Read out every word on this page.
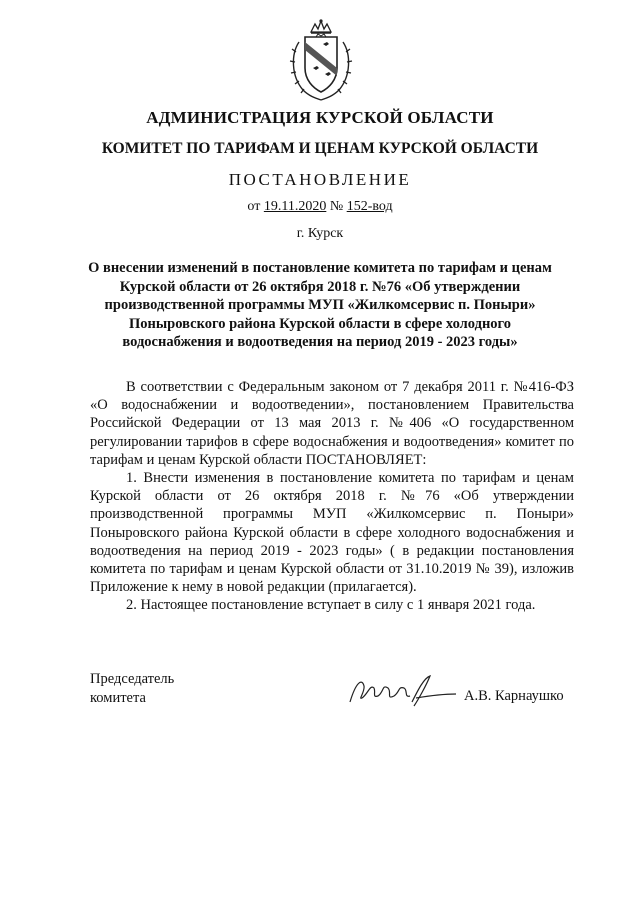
АДМИНИСТРАЦИЯ КУРСКОЙ ОБЛАСТИ
КОМИТЕТ ПО ТАРИФАМ И ЦЕНАМ КУРСКОЙ ОБЛАСТИ
ПОСТАНОВЛЕНИЕ
от 19.11.2020 № 152-вод
г. Курск
О внесении изменений в постановление комитета по тарифам и ценам Курской области от 26 октября 2018 г. №76 «Об утверждении производственной программы МУП «Жилкомсервис п. Поныри» Поныровского района Курской области в сфере холодного водоснабжения и водоотведения на период 2019 - 2023 годы»

В соответствии с Федеральным законом от 7 декабря 2011 г. №416-ФЗ «О водоснабжении и водоотведении», постановлением Правительства Российской Федерации от 13 мая 2013 г. №406 «О государственном регулировании тарифов в сфере водоснабжения и водоотведения» комитет по тарифам и ценам Курской области ПОСТАНОВЛЯЕТ:

1. Внести изменения в постановление комитета по тарифам и ценам Курской области от 26 октября 2018 г. №76 «Об утверждении производственной программы МУП «Жилкомсервис п. Поныри» Поныровского района Курской области в сфере холодного водоснабжения и водоотведения на период 2019 - 2023 годы» ( в редакции постановления комитета по тарифам и ценам Курской области от 31.10.2019 № 39), изложив Приложение к нему в новой редакции (прилагается).

2. Настоящее постановление вступает в силу с 1 января 2021 года.

Председатель
комитета	А.В. Карнаушко
